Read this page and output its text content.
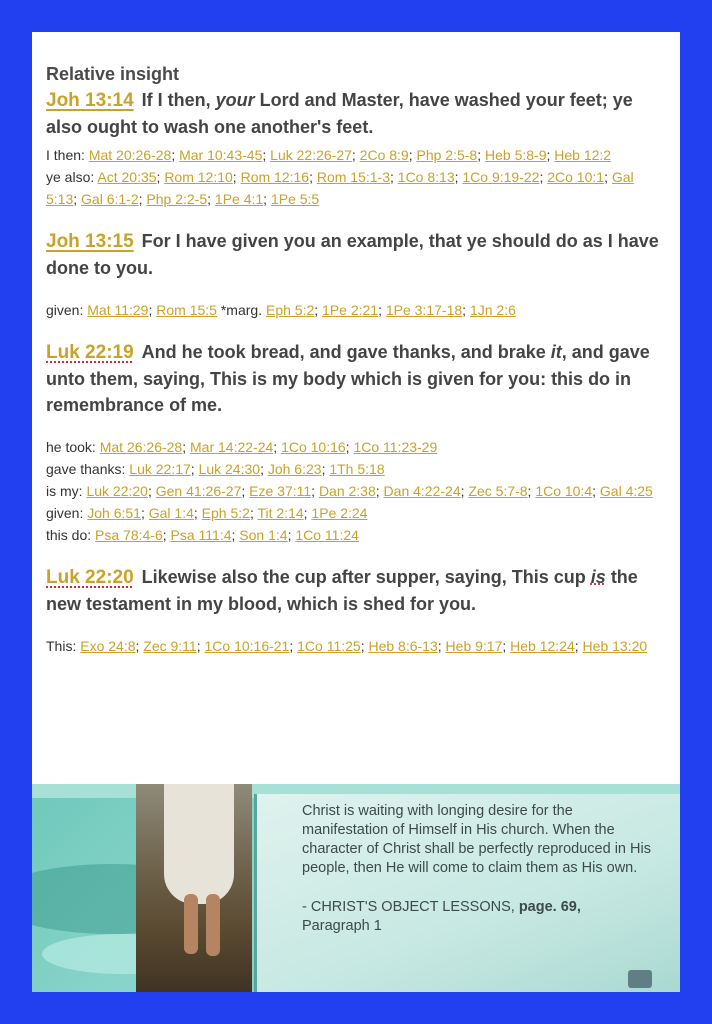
Relative insight
Joh 13:14 If I then, your Lord and Master, have washed your feet; ye also ought to wash one another's feet.
I then: Mat 20:26-28; Mar 10:43-45; Luk 22:26-27; 2Co 8:9; Php 2:5-8; Heb 5:8-9; Heb 12:2
ye also: Act 20:35; Rom 12:10; Rom 12:16; Rom 15:1-3; 1Co 8:13; 1Co 9:19-22; 2Co 10:1; Gal 5:13; Gal 6:1-2; Php 2:2-5; 1Pe 4:1; 1Pe 5:5
Joh 13:15 For I have given you an example, that ye should do as I have done to you.
given: Mat 11:29; Rom 15:5 *marg. Eph 5:2; 1Pe 2:21; 1Pe 3:17-18; 1Jn 2:6
Luk 22:19 And he took bread, and gave thanks, and brake it, and gave unto them, saying, This is my body which is given for you: this do in remembrance of me.
he took: Mat 26:26-28; Mar 14:22-24; 1Co 10:16; 1Co 11:23-29
gave thanks: Luk 22:17; Luk 24:30; Joh 6:23; 1Th 5:18
is my: Luk 22:20; Gen 41:26-27; Eze 37:11; Dan 2:38; Dan 4:22-24; Zec 5:7-8; 1Co 10:4; Gal 4:25
given: Joh 6:51; Gal 1:4; Eph 5:2; Tit 2:14; 1Pe 2:24
this do: Psa 78:4-6; Psa 111:4; Son 1:4; 1Co 11:24
Luk 22:20 Likewise also the cup after supper, saying, This cup is the new testament in my blood, which is shed for you.
This: Exo 24:8; Zec 9:11; 1Co 10:16-21; 1Co 11:25; Heb 8:6-13; Heb 9:17; Heb 12:24; Heb 13:20
Christ is waiting with longing desire for the manifestation of Himself in His church. When the character of Christ shall be perfectly reproduced in His people, then He will come to claim them as His own.
- CHRIST'S OBJECT LESSONS, page. 69,
Paragraph 1
